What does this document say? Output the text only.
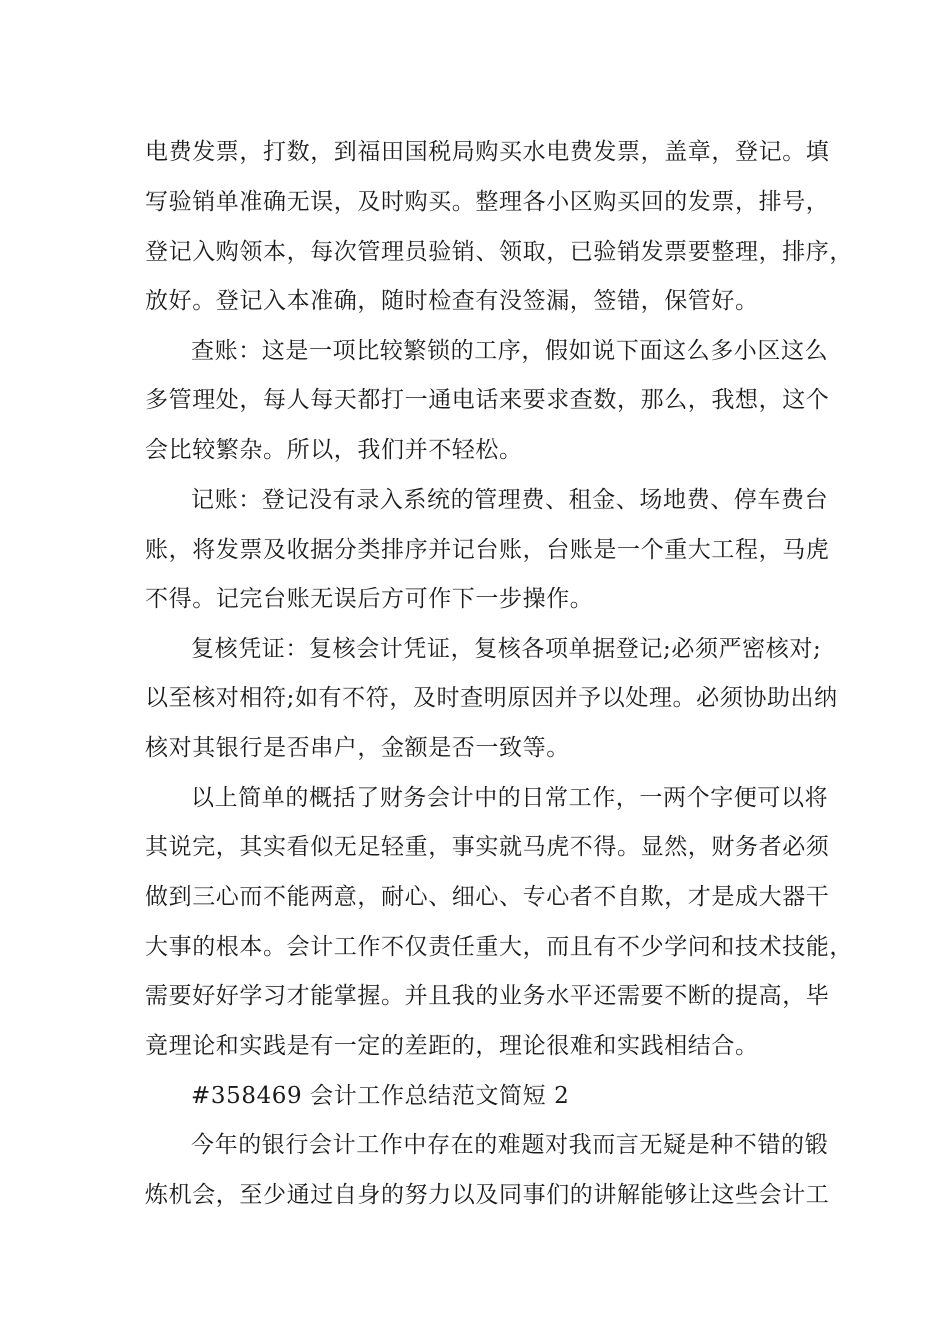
电费发票，打数，到福田国税局购买水电费发票，盖章，登记。填

写验销单准确无误，及时购买。整理各小区购买回的发票，排号，

登记入购领本，每次管理员验销、领取，已验销发票要整理，排序，

放好。登记入本准确，随时检查有没签漏，签错，保管好。

查账：这是一项比较繁锁的工序，假如说下面这么多小区这么

多管理处，每人每天都打一通电话来要求查数，那么，我想，这个

会比较繁杂。所以，我们并不轻松。

记账：登记没有录入系统的管理费、租金、场地费、停车费台

账，将发票及收据分类排序并记台账，台账是一个重大工程，马虎

不得。记完台账无误后方可作下一步操作。

复核凭证：复核会计凭证，复核各项单据登记;必须严密核对;

以至核对相符;如有不符，及时查明原因并予以处理。必须协助出纳

核对其银行是否串户，金额是否一致等。

以上简单的概括了财务会计中的日常工作，一两个字便可以将

其说完，其实看似无足轻重，事实就马虎不得。显然，财务者必须

做到三心而不能两意，耐心、细心、专心者不自欺，才是成大器干

大事的根本。会计工作不仅责任重大，而且有不少学问和技术技能，

需要好好学习才能掌握。并且我的业务水平还需要不断的提高，毕

竟理论和实践是有一定的差距的，理论很难和实践相结合。

#358469 会计工作总结范文简短 2

今年的银行会计工作中存在的难题对我而言无疑是种不错的锻

炼机会，至少通过自身的努力以及同事们的讲解能够让这些会计工
